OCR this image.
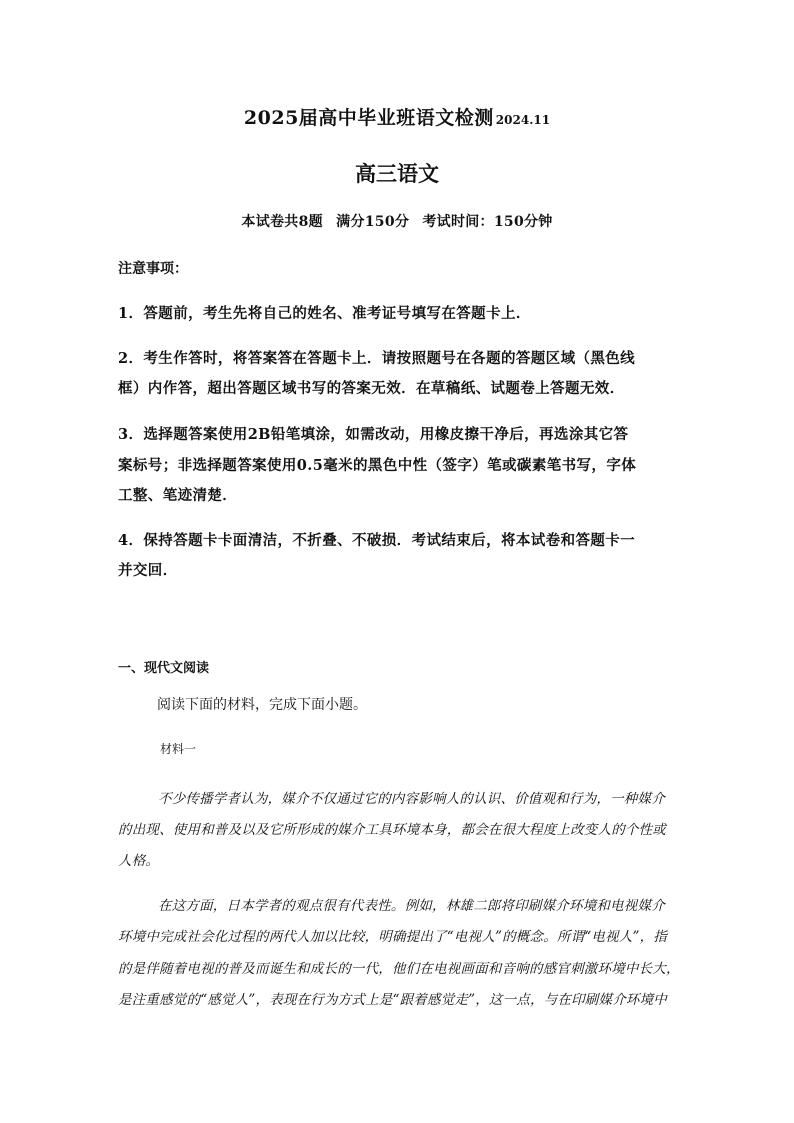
2025届高中毕业班语文检测 2024.11
高三语文
本试卷共8题 满分150分 考试时间：150分钟
注意事项：
1．答题前，考生先将自己的姓名、准考证号填写在答题卡上．
2．考生作答时，将答案答在答题卡上．请按照题号在各题的答题区域（黑色线
框）内作答，超出答题区域书写的答案无效．在草稿纸、试题卷上答题无效．
3．选择题答案使用2B铅笔填涂，如需改动，用橡皮擦干净后，再选涂其它答
案标号；非选择题答案使用0.5毫米的黑色中性（签字）笔或碳素笔书写，字体
工整、笔迹清楚．
4．保持答题卡卡面清洁，不折叠、不破损．考试结束后，将本试卷和答题卡一
并交回．
一、现代文阅读
阅读下面的材料，完成下面小题。
材料一
不少传播学者认为，媒介不仅通过它的内容影响人的认识、价值观和行为，一种媒介
的出现、使用和普及以及它所形成的媒介工具环境本身，都会在很大程度上改变人的个性或
人格。
在这方面，日本学者的观点很有代表性。例如，林雄二郎将印刷媒介环境和电视媒介
环境中完成社会化过程的两代人加以比较，明确提出了“电视人”的概念。所谓“电视人”，指
的是伴随着电视的普及而诞生和成长的一代，他们在电视画面和音响的感官刺激环境中长大，
是注重感觉的“感觉人”，表现在行为方式上是“跟着感觉走”，这一点，与在印刷媒介环境中
